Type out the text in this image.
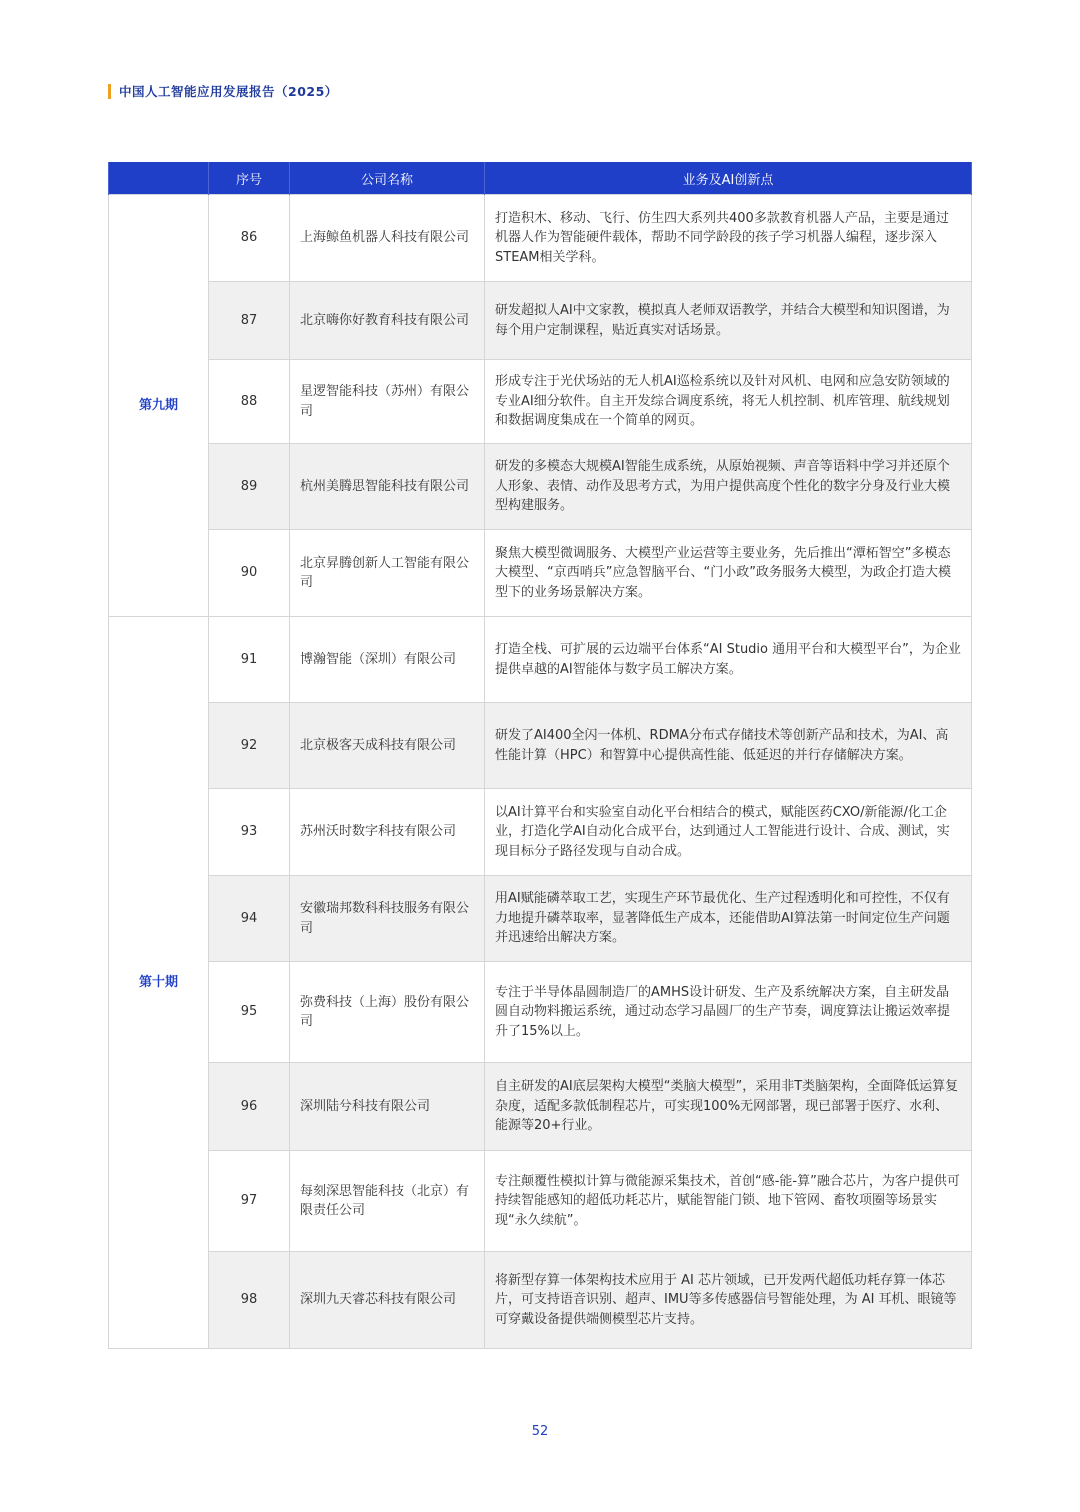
中国人工智能应用发展报告（2025）
	序号	公司名称	业务及AI创新点
第九期	86	上海鲸鱼机器人科技有限公司	打造积木、移动、飞行、仿生四大系列共400多款教育机器人产品，主要是通过机器人作为智能硬件载体，帮助不同学龄段的孩子学习机器人编程，逐步深入STEAM相关学科。
	87	北京嗨你好教育科技有限公司	研发超拟人AI中文家教，模拟真人老师双语教学，并结合大模型和知识图谱，为每个用户定制课程，贴近真实对话场景。
	88	星逻智能科技（苏州）有限公司	形成专注于光伏场站的无人机AI巡检系统以及针对风机、电网和应急安防领域的专业AI细分软件。自主开发综合调度系统，将无人机控制、机库管理、航线规划和数据调度集成在一个简单的网页。
	89	杭州美腾思智能科技有限公司	研发的多模态大规模AI智能生成系统，从原始视频、声音等语料中学习并还原个人形象、表情、动作及思考方式，为用户提供高度个性化的数字分身及行业大模型构建服务。
	90	北京昇腾创新人工智能有限公司	聚焦大模型微调服务、大模型产业运营等主要业务，先后推出“潭柘智空”多模态大模型、“京西哨兵”应急智脑平台、“门小政”政务服务大模型，为政企打造大模型下的业务场景解决方案。
第十期	91	博瀚智能（深圳）有限公司	打造全栈、可扩展的云边端平台体系“AI Studio 通用平台和大模型平台”，为企业提供卓越的AI智能体与数字员工解决方案。
	92	北京极客天成科技有限公司	研发了AI400全闪一体机、RDMA分布式存储技术等创新产品和技术，为AI、高性能计算（HPC）和智算中心提供高性能、低延迟的并行存储解决方案。
	93	苏州沃时数字科技有限公司	以AI计算平台和实验室自动化平台相结合的模式，赋能医药CXO/新能源/化工企业，打造化学AI自动化合成平台，达到通过人工智能进行设计、合成、测试，实现目标分子路径发现与自动合成。
	94	安徽瑞邦数科科技服务有限公司	用AI赋能磷萃取工艺，实现生产环节最优化、生产过程透明化和可控性，不仅有力地提升磷萃取率，显著降低生产成本，还能借助AI算法第一时间定位生产问题并迅速给出解决方案。
	95	弥费科技（上海）股份有限公司	专注于半导体晶圆制造厂的AMHS设计研发、生产及系统解决方案，自主研发晶圆自动物料搬运系统，通过动态学习晶圆厂的生产节奏，调度算法让搬运效率提升了15%以上。
	96	深圳陆兮科技有限公司	自主研发的AI底层架构大模型“类脑大模型”，采用非T类脑架构，全面降低运算复杂度，适配多款低制程芯片，可实现100%无网部署，现已部署于医疗、水利、能源等20+行业。
	97	每刻深思智能科技（北京）有限责任公司	专注颠覆性模拟计算与微能源采集技术，首创“感-能-算”融合芯片，为客户提供可持续智能感知的超低功耗芯片，赋能智能门锁、地下管网、畜牧项圈等场景实现“永久续航”。
	98	深圳九天睿芯科技有限公司	将新型存算一体架构技术应用于 AI 芯片领域，已开发两代超低功耗存算一体芯片，可支持语音识别、超声、IMU等多传感器信号智能处理，为 AI 耳机、眼镜等可穿戴设备提供端侧模型芯片支持。
52
